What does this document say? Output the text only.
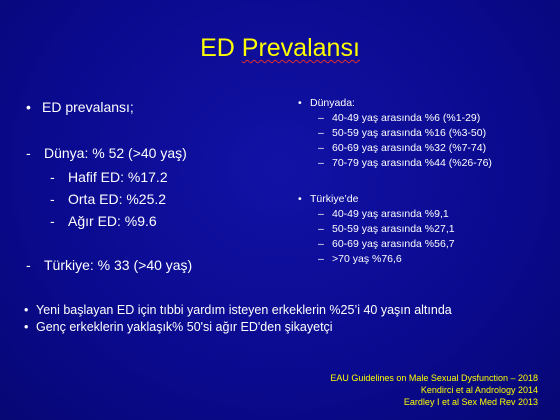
ED Prevalansı
• ED prevalansı;
- Dünya: % 52 (>40 yaş)
- Hafif ED: %17.2
- Orta ED: %25.2
- Ağır ED: %9.6
- Türkiye: % 33 (>40 yaş)
• Dünyada:
– 40-49 yaş arasında %6 (%1-29)
– 50-59 yaş arasında %16 (%3-50)
– 60-69 yaş arasında %32 (%7-74)
– 70-79 yaş arasında %44 (%26-76)
• Türkiye’de
– 40-49 yaş arasında %9,1
– 50-59 yaş arasında %27,1
– 60-69 yaş arasında %56,7
– >70 yaş %76,6
• Yeni başlayan ED için tıbbi yardım isteyen erkeklerin %25’i 40 yaşın altında
• Genç erkeklerin yaklaşık% 50'si ağır ED'den şikayetçi
EAU Guidelines on Male Sexual Dysfunction – 2018
Kendirci et al Andrology 2014
Eardley I et al Sex Med Rev 2013
